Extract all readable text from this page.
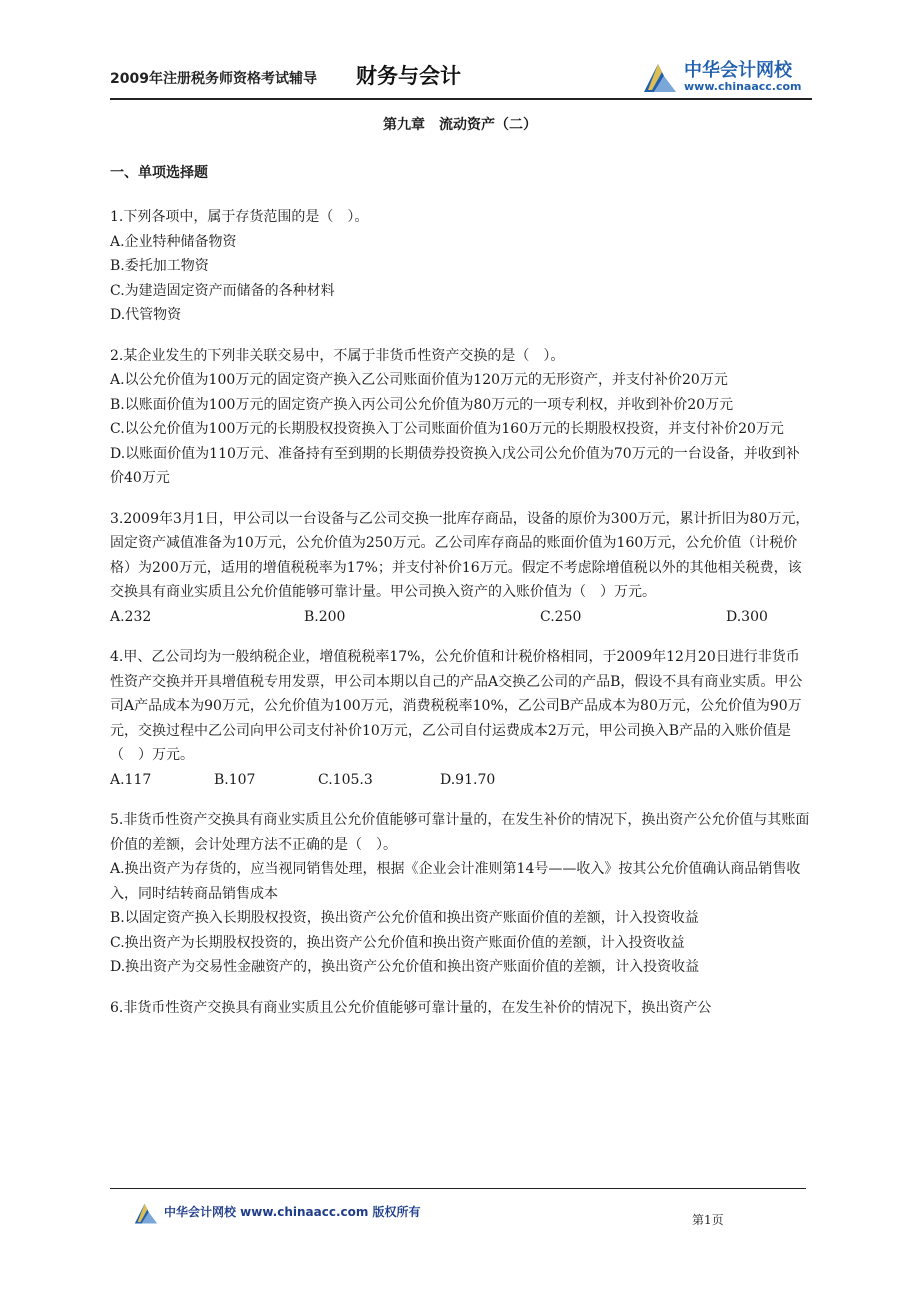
2009年注册税务师资格考试辅导 财务与会计	中华会计网校
www.chinaacc.com
第九章　流动资产（二）
一、单项选择题

1.下列各项中，属于存货范围的是（　）。

A.企业特种储备物资

B.委托加工物资

C.为建造固定资产而储备的各种材料

D.代管物资

2.某企业发生的下列非关联交易中，不属于非货币性资产交换的是（　）。

A.以公允价值为100万元的固定资产换入乙公司账面价值为120万元的无形资产，并支付补价20万元

B.以账面价值为100万元的固定资产换入丙公司公允价值为80万元的一项专利权，并收到补价20万元

C.以公允价值为100万元的长期股权投资换入丁公司账面价值为160万元的长期股权投资，并支付补价20万元

D.以账面价值为110万元、准备持有至到期的长期债券投资换入戊公司公允价值为70万元的一台设备，并收到补价40万元

3.2009年3月1日，甲公司以一台设备与乙公司交换一批库存商品，设备的原价为300万元，累计折旧为80万元，固定资产减值准备为10万元，公允价值为250万元。乙公司库存商品的账面价值为160万元，公允价值（计税价格）为200万元，适用的增值税税率为17%；并支付补价16万元。假定不考虑除增值税以外的其他相关税费，该交换具有商业实质且公允价值能够可靠计量。甲公司换入资产的入账价值为（　）万元。

A.232	B.200	C.250	D.300

4.甲、乙公司均为一般纳税企业，增值税税率17%，公允价值和计税价格相同，于2009年12月20日进行非货币性资产交换并开具增值税专用发票，甲公司本期以自己的产品A交换乙公司的产品B，假设不具有商业实质。甲公司A产品成本为90万元，公允价值为100万元，消费税税率10%，乙公司B产品成本为80万元，公允价值为90万元，交换过程中乙公司向甲公司支付补价10万元，乙公司自付运费成本2万元，甲公司换入B产品的入账价值是（　）万元。

A.117	B.107	C.105.3	D.91.70

5.非货币性资产交换具有商业实质且公允价值能够可靠计量的，在发生补价的情况下，换出资产公允价值与其账面价值的差额，会计处理方法不正确的是（　）。

A.换出资产为存货的，应当视同销售处理，根据《企业会计准则第14号——收入》按其公允价值确认商品销售收入，同时结转商品销售成本

B.以固定资产换入长期股权投资，换出资产公允价值和换出资产账面价值的差额，计入投资收益

C.换出资产为长期股权投资的，换出资产公允价值和换出资产账面价值的差额，计入投资收益

D.换出资产为交易性金融资产的，换出资产公允价值和换出资产账面价值的差额，计入投资收益

6.非货币性资产交换具有商业实质且公允价值能够可靠计量的，在发生补价的情况下，换出资产公

中华会计网校 www.chinaacc.com 版权所有
第1页
